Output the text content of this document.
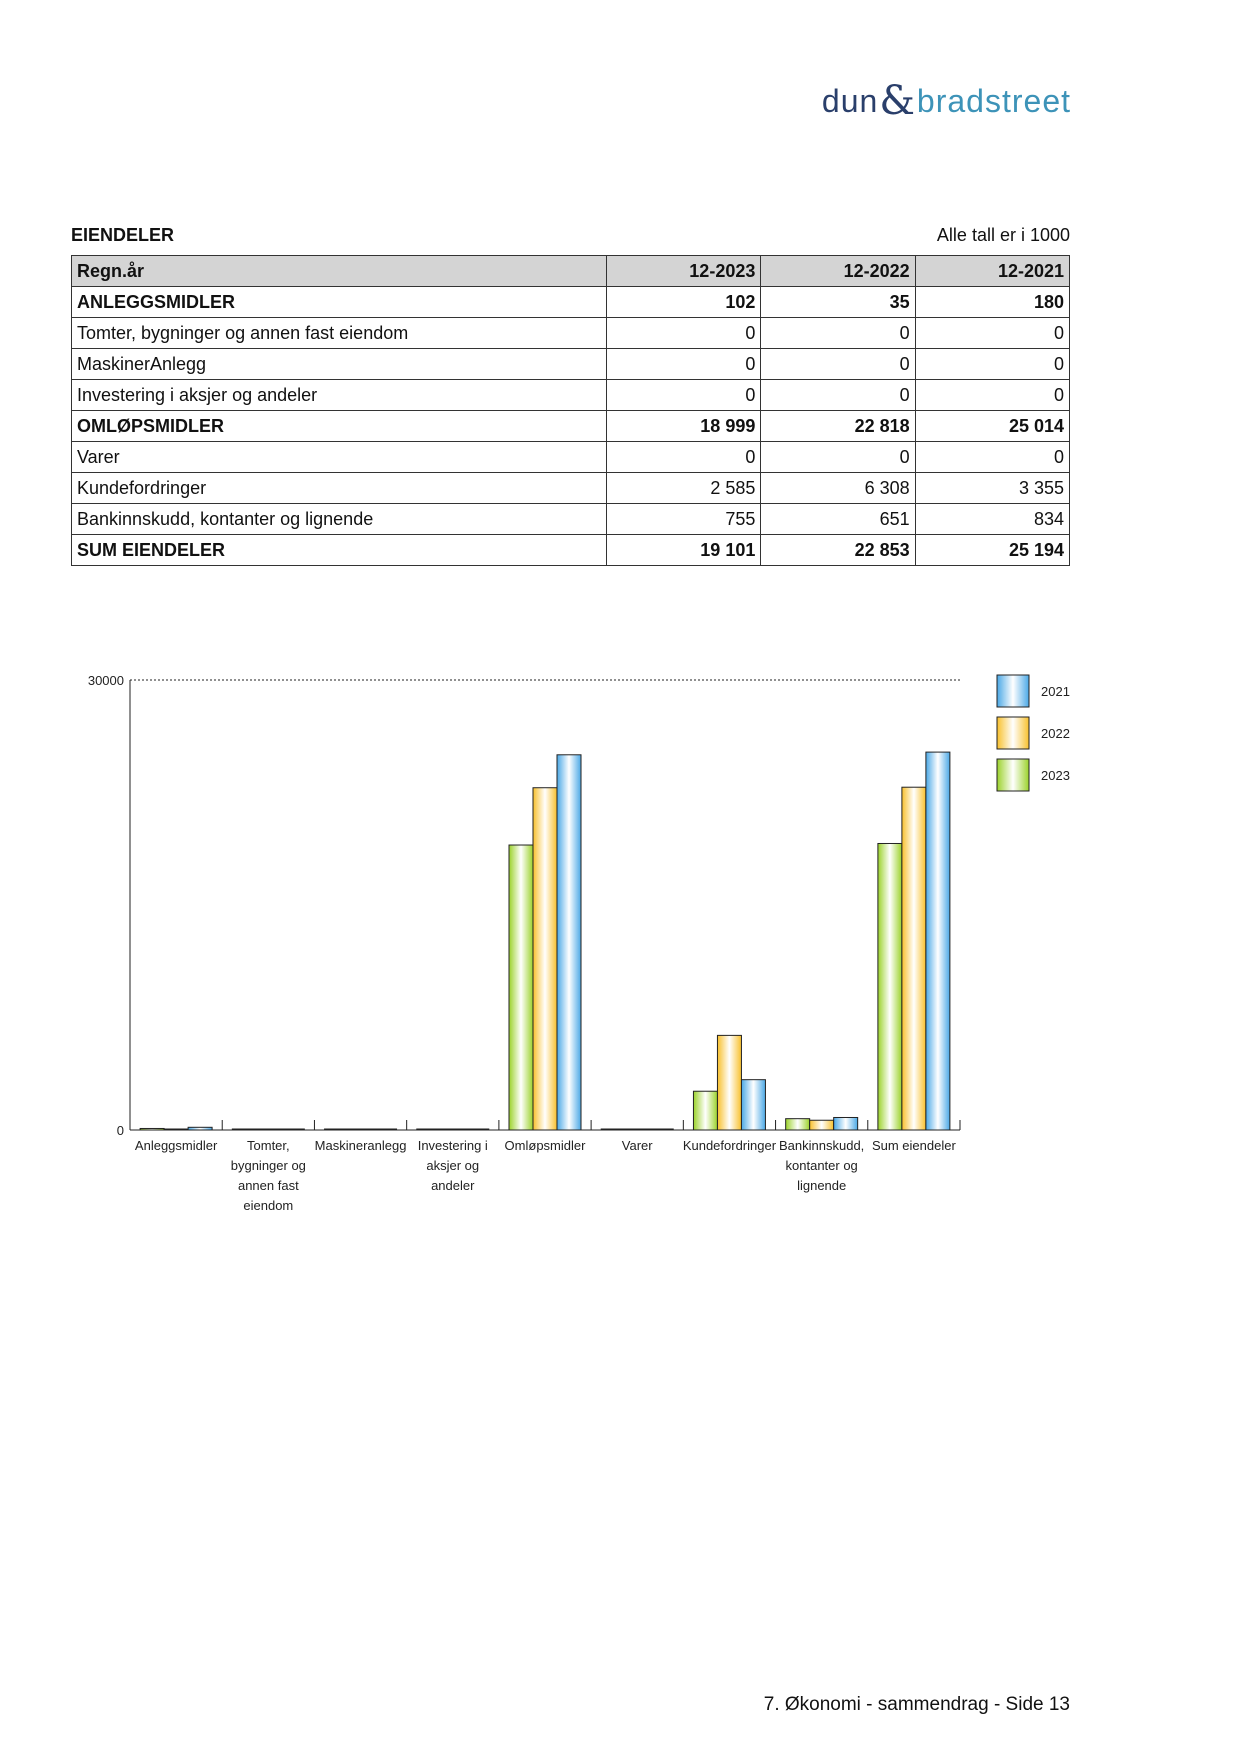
dun & bradstreet
EIENDELER	Alle tall er i 1000
Regn.år	12-2023	12-2022	12-2021
ANLEGGSMIDLER	102	35	180
Tomter, bygninger og annen fast eiendom	0	0	0
MaskinerAnlegg	0	0	0
Investering i aksjer og andeler	0	0	0
OMLØPSMIDLER	18 999	22 818	25 014
Varer	0	0	0
Kundefordringer	2 585	6 308	3 355
Bankinnskudd, kontanter og lignende	755	651	834
SUM EIENDELER	19 101	22 853	25 194
0
30000
Anleggsmidler	Tomter, bygninger og annen fast eiendom
Maskineranlegg Investering i aksjer og andeler
Omløpsmidler	Varer Kundefordringer Bankinnskudd, kontanter og lignende
Sum eiendeler
2021
2022
2023
7. Økonomi - sammendrag - Side 13
